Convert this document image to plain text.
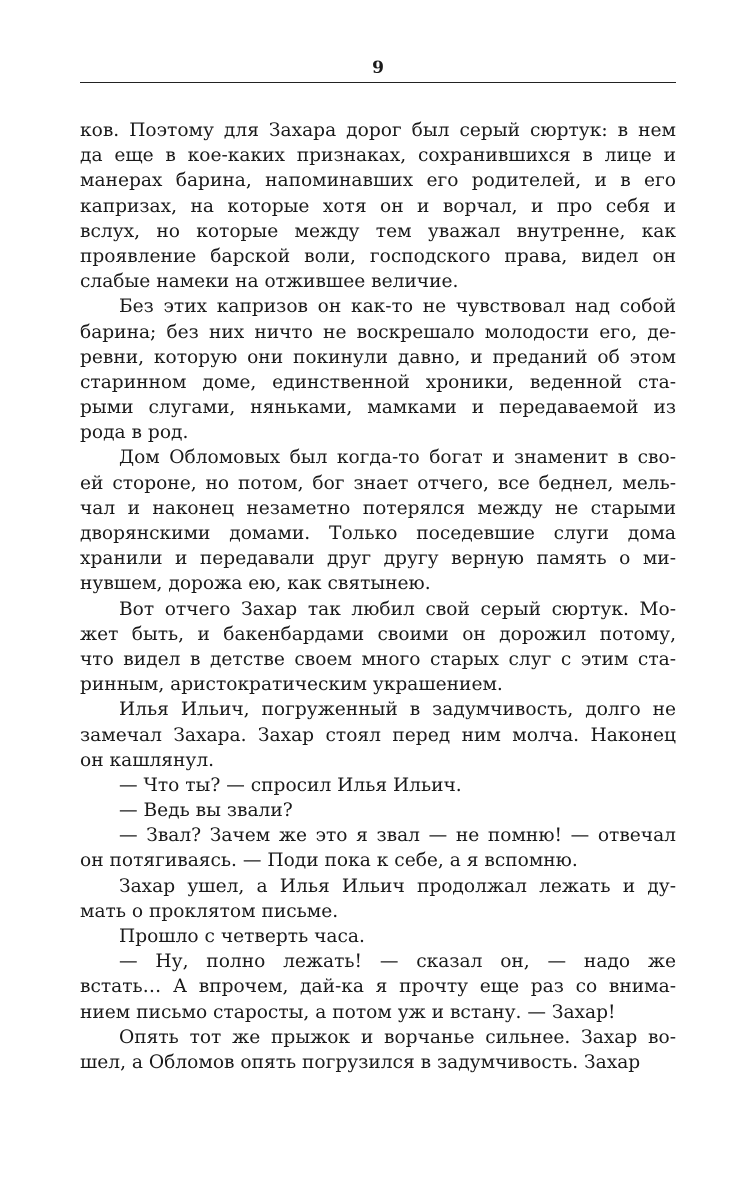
9
ков. Поэтому для Захара дорог был серый сюртук: в нем
да еще в кое-каких признаках, сохранившихся в лице и
манерах барина, напоминавших его родителей, и в его
капризах, на которые хотя он и ворчал, и про себя и
вслух, но которые между тем уважал внутренне, как
проявление барской воли, господского права, видел он
слабые намеки на отжившее величие.
Без этих капризов он как-то не чувствовал над собой
барина; без них ничто не воскрешало молодости его, де-
ревни, которую они покинули давно, и преданий об этом
старинном доме, единственной хроники, веденной ста-
рыми слугами, няньками, мамками и передаваемой из
рода в род.
Дом Обломовых был когда-то богат и знаменит в сво-
ей стороне, но потом, бог знает отчего, все беднел, мель-
чал и наконец незаметно потерялся между не старыми
дворянскими домами. Только поседевшие слуги дома
хранили и передавали друг другу верную память о ми-
нувшем, дорожа ею, как святынею.
Вот отчего Захар так любил свой серый сюртук. Мо-
жет быть, и бакенбардами своими он дорожил потому,
что видел в детстве своем много старых слуг с этим ста-
ринным, аристократическим украшением.
Илья Ильич, погруженный в задумчивость, долго не
замечал Захара. Захар стоял перед ним молча. Наконец
он кашлянул.
— Что ты? — спросил Илья Ильич.
— Ведь вы звали?
— Звал? Зачем же это я звал — не помню! — отвечал
он потягиваясь. — Поди пока к себе, а я вспомню.
Захар ушел, а Илья Ильич продолжал лежать и ду-
мать о проклятом письме.
Прошло с четверть часа.
— Ну, полно лежать! — сказал он, — надо же
встать… А впрочем, дай-ка я прочту еще раз со внима-
нием письмо старосты, а потом уж и встану. — Захар!
Опять тот же прыжок и ворчанье сильнее. Захар во-
шел, а Обломов опять погрузился в задумчивость. Захар
